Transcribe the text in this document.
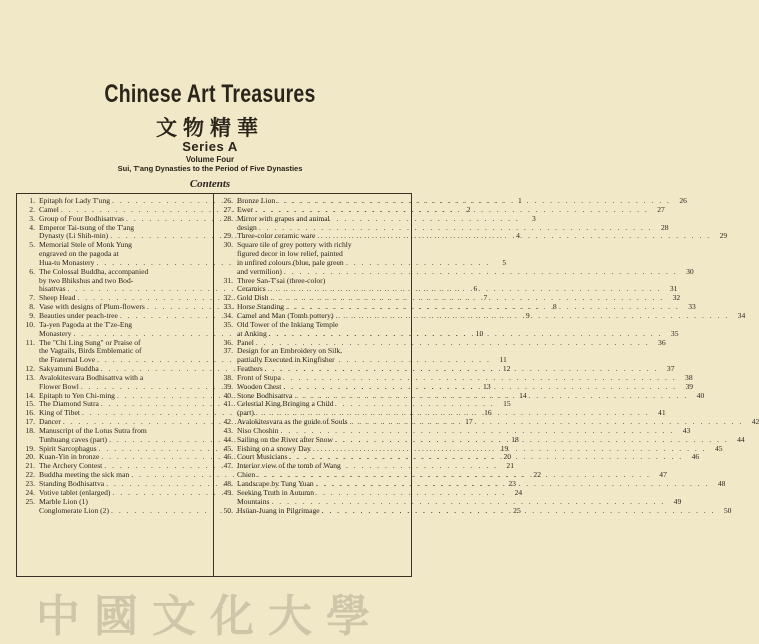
Chinese Art Treasures
文物精華
Series A
Volume Four
Sui, T'ang Dynasties to the Period of Five Dynasties
Contents
1. Epitaph for Lady T'ung . . .	1
2. Camel . . .	2
3. Group of Four Bodhisattvas . . .	3
4. Emperor Tai-tsung of the T'ang
Dynasty (Li Shih-min) . . .	4
5. Memorial Stele of Monk Yung
engraved on the pagoda at
Hua-tu Monastery . . .	5
6. The Colossal Buddha, accompanied
by two Bhikshus and two Bod-
hisattvas . . .	6
7. Sheep Head . . .	7
8. Vase with designs of Plum-flowers . . .	8
9. Beauties under peach-tree . . .	9
10. Ta-yen Pagoda at the T'ze-Eng
Monastery . . .	10
11. The "Chi Ling Sung" or Praise of
the Vagtails, Birds Emblematic of
the Fraternal Love . . .	11
12. Sakyamuni Buddha . . .	12
13. Avalokitesvara Bodhisattva with a
Flower Bowl . . .	13
14. Epitaph to Yen Chi-ming . . .	14
15. The Diamond Sutra . . .	15
16. King of Tibet . . .	16
17. Dancer . . .	17
18. Manuscript of the Lotus Sutra from
Tunhuang caves (part) . . .	18
19. Spirit Sarcophagus . . .	19
20. Kuan-Yin in bronze . . .	20
21. The Archery Contest . . .	21
22. Buddha meeting the sick man . . .	22
23. Standing Bodhisattva . . .	23
24. Votive tablet (enlarged) . . .	24
25. Marble Lion (1)
Conglomerate Lion (2) . . .	25
26. Bronze Lion . . .	26
27. Ewer . . .	27
28. Mirror with grapes and animal
design . . .	28
29. Three-color ceramic ware . . .	29
30. Square tile of grey pottery with richly
figured decor in low relief, painted
in unfired colours (blue, pale green
and vermilion) . . .	30
31. Three San-T'sai (three-color)
Ceramics . . .	31
32. Gold Dish . . .	32
33. Horse Standing . . .	33
34. Camel and Man (Tomb pottery) . . .	34
35. Old Tower of the Inkiang Temple
at Anking . . .	35
36. Panel . . .	36
37. Design for an Embroidery on Silk,
partially Executed in Kingfisher
Feathers . . .	37
38. Front of Stupa . . .	38
39. Wooden Chest . . .	39
40. Stone Bodhisattva . . .	40
41. Celestial King Bringing a Child
(part) . . .	41
42. Avalokitesvara as the guide of Souls . . .	42
43. Niso Choshin . . .	43
44. Sailing on the River after Snow . . .	44
45. Fishing on a snowy Day . . .	45
46. Court Musicians . . .	46
47. Interior view of the tomb of Wang
Chien . . .	47
48. Landscape by Tung Yuan . . .	48
49. Seeking Truth in Autumn
Mountains . . .	49
50. Hsüan-Juang in Pilgrimage . . .	50
中國文化大學
